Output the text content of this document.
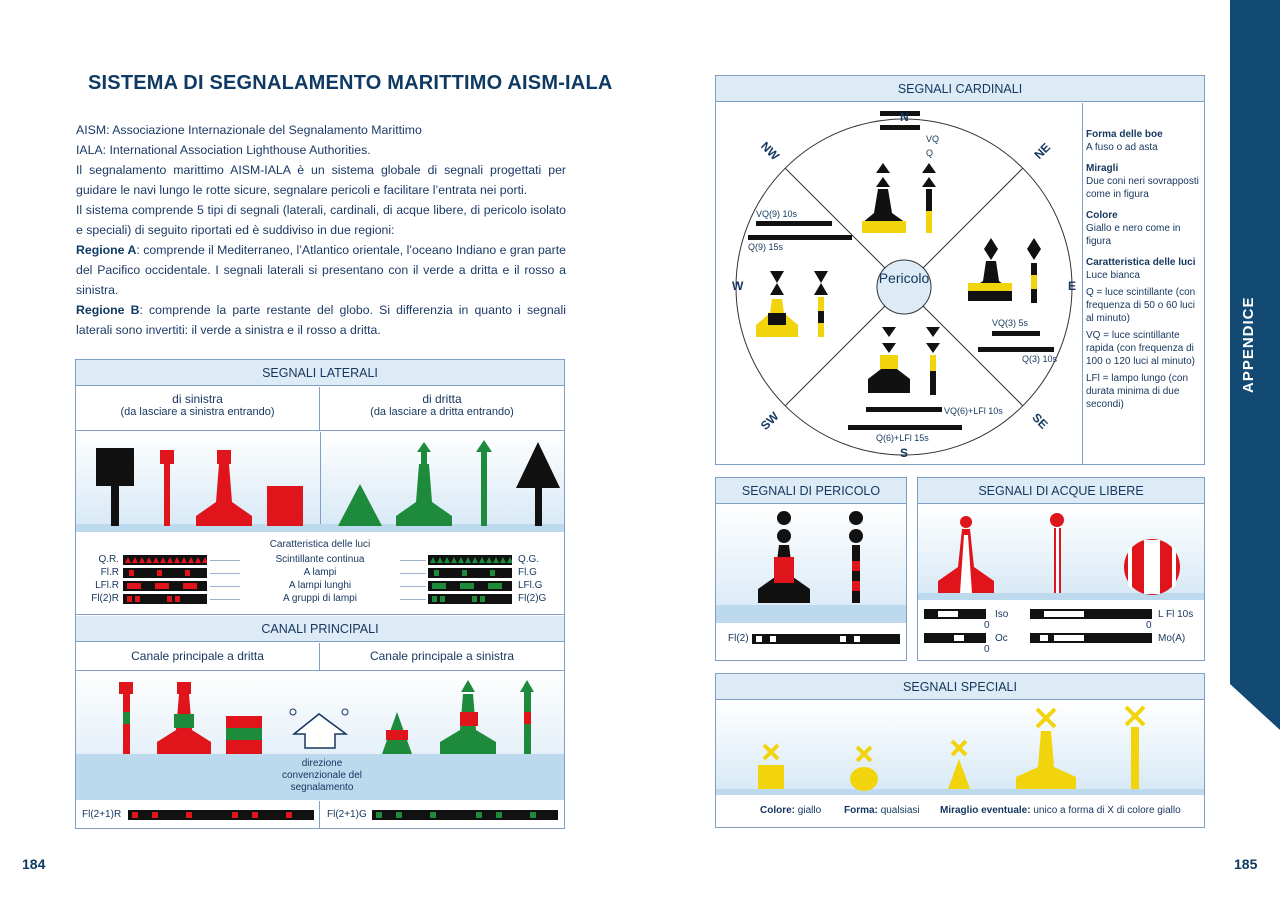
SISTEMA DI SEGNALAMENTO MARITTIMO AISM-IALA

AISM: Associazione Internazionale del Segnalamento Marittimo

IALA: International Association Lighthouse Authorities.

Il segnalamento marittimo AISM-IALA è un sistema globale di segnali progettati per guidare le navi lungo le rotte sicure, segnalare pericoli e facilitare l’entrata nei porti.

Il sistema comprende 5 tipi di segnali (laterali, cardinali, di acque libere, di pericolo isolato e speciali) di seguito riportati ed è suddiviso in due regioni:

Regione A: comprende il Mediterraneo, l’Atlantico orientale, l’oceano Indiano e gran parte del Pacifico occidentale. I segnali laterali si presentano con il verde a dritta e il rosso a sinistra.

Regione B: comprende la parte restante del globo. Si differenzia in quanto i segnali laterali sono invertiti: il verde a sinistra e il rosso a dritta.

SEGNALI LATERALI
di sinistra
(da lasciare a sinistra entrando)
di dritta
(da lasciare a dritta entrando)
Caratteristica delle luci
Q.R.	Scintillante continua	Q.G.
Fl.R	A lampi	Fl.G
LFl.R	A lampi lunghi	LFl.G
Fl(2)R	A gruppi di lampi	Fl(2)G
CANALI PRINCIPALI
Canale principale a dritta	Canale principale a sinistra
direzione convenzionale del segnalamento
Fl(2+1)R	Fl(2+1)G
184
SEGNALI CARDINALI
Pericolo
N
NE
E
SE
S
SW
W
NW	VQ
Q
VQ(9) 10s
Q(9) 15s
VQ(3) 5s
Q(3) 10s
VQ(6)+LFl 10s
Q(6)+LFl 15s
Forma delle boe
A fuso o ad asta
Miragli
Due coni neri sovrapposti come in figura
Colore
Giallo e nero come in figura
Caratteristica delle luci
Luce bianca
Q = luce scintillante (con frequenza di 50 o 60 luci al minuto)
VQ = luce scintillante rapida (con frequenza di 100 o 120 luci al minuto)
LFl = lampo lungo (con durata minima di due secondi)
SEGNALI DI PERICOLO
Fl(2)
SEGNALI DI ACQUE LIBERE
Iso	L Fl 10s
0	0
Oc	Mo(A)
0
SEGNALI SPECIALI
Colore: giallo Forma: qualsiasi Miraglio eventuale: unico a forma di X di colore giallo
APPENDICE
185
